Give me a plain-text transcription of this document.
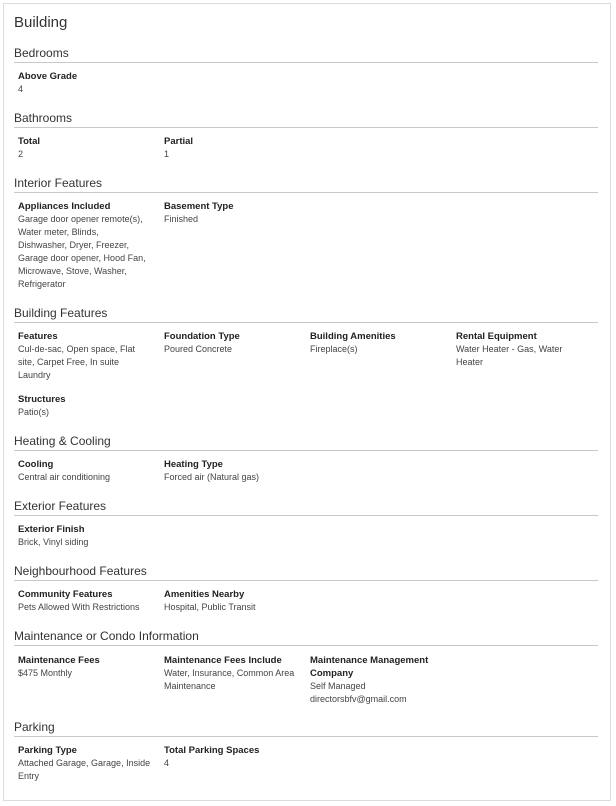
Building
Bedrooms
Above Grade
4
Bathrooms
Total
2
Partial
1
Interior Features
Appliances Included
Garage door opener remote(s),
Water meter, Blinds,
Dishwasher, Dryer, Freezer,
Garage door opener, Hood Fan,
Microwave, Stove, Washer,
Refrigerator
Basement Type
Finished
Building Features
Features
Cul-de-sac, Open space, Flat
site, Carpet Free, In suite
Laundry
Foundation Type
Poured Concrete
Building Amenities
Fireplace(s)
Rental Equipment
Water Heater - Gas, Water
Heater
Structures
Patio(s)
Heating & Cooling
Cooling
Central air conditioning
Heating Type
Forced air (Natural gas)
Exterior Features
Exterior Finish
Brick, Vinyl siding
Neighbourhood Features
Community Features
Pets Allowed With Restrictions
Amenities Nearby
Hospital, Public Transit
Maintenance or Condo Information
Maintenance Fees
$475 Monthly
Maintenance Fees Include
Water, Insurance, Common Area
Maintenance
Maintenance Management
Company
Self Managed
directorsbfv@gmail.com
Parking
Parking Type
Attached Garage, Garage, Inside
Entry
Total Parking Spaces
4
